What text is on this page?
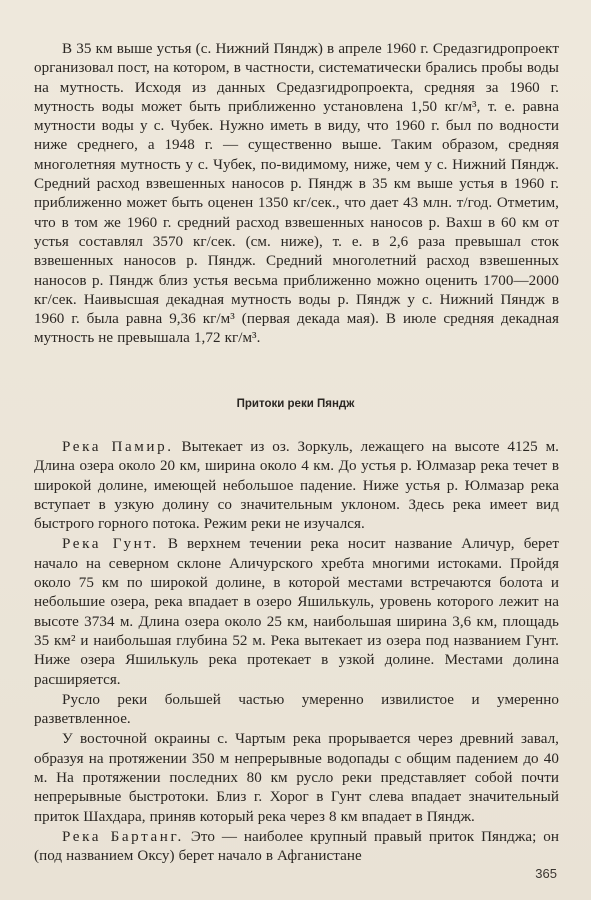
В 35 км выше устья (с. Нижний Пяндж) в апреле 1960 г. Средазгидропроект организовал пост, на котором, в частности, систематически брались пробы воды на мутность. Исходя из данных Средазгидропроекта, средняя за 1960 г. мутность воды может быть приближенно установлена 1,50 кг/м³, т. е. равна мутности воды у с. Чубек. Нужно иметь в виду, что 1960 г. был по водности ниже среднего, а 1948 г. — существенно выше. Таким образом, средняя многолетняя мутность у с. Чубек, по-видимому, ниже, чем у с. Нижний Пяндж. Средний расход взвешенных наносов р. Пяндж в 35 км выше устья в 1960 г. приближенно может быть оценен 1350 кг/сек., что дает 43 млн. т/год. Отметим, что в том же 1960 г. средний расход взвешенных наносов р. Вахш в 60 км от устья составлял 3570 кг/сек. (см. ниже), т. е. в 2,6 раза превышал сток взвешенных наносов р. Пяндж. Средний многолетний расход взвешенных наносов р. Пяндж близ устья весьма приближенно можно оценить 1700—2000 кг/сек. Наивысшая декадная мутность воды р. Пяндж у с. Нижний Пяндж в 1960 г. была равна 9,36 кг/м³ (первая декада мая). В июле средняя декадная мутность не превышала 1,72 кг/м³.

Притоки реки Пяндж

Река Памир. Вытекает из оз. Зоркуль, лежащего на высоте 4125 м. Длина озера около 20 км, ширина около 4 км. До устья р. Юлмазар река течет в широкой долине, имеющей небольшое падение. Ниже устья р. Юлмазар река вступает в узкую долину со значительным уклоном. Здесь река имеет вид быстрого горного потока. Режим реки не изучался.

Река Гунт. В верхнем течении река носит название Аличур, берет начало на северном склоне Аличурского хребта многими истоками. Пройдя около 75 км по широкой долине, в которой местами встречаются болота и небольшие озера, река впадает в озеро Яшилькуль, уровень которого лежит на высоте 3734 м. Длина озера около 25 км, наибольшая ширина 3,6 км, площадь 35 км² и наибольшая глубина 52 м. Река вытекает из озера под названием Гунт. Ниже озера Яшилькуль река протекает в узкой долине. Местами долина расширяется.

Русло реки большей частью умеренно извилистое и умеренно разветвленное.

У восточной окраины с. Чартым река прорывается через древний завал, образуя на протяжении 350 м непрерывные водопады с общим падением до 40 м. На протяжении последних 80 км русло реки представляет собой почти непрерывные быстротоки. Близ г. Хорог в Гунт слева впадает значительный приток Шахдара, приняв который река через 8 км впадает в Пяндж.

Река Бартанг. Это — наиболее крупный правый приток Пянджа; он (под названием Оксу) берет начало в Афганистане

365
